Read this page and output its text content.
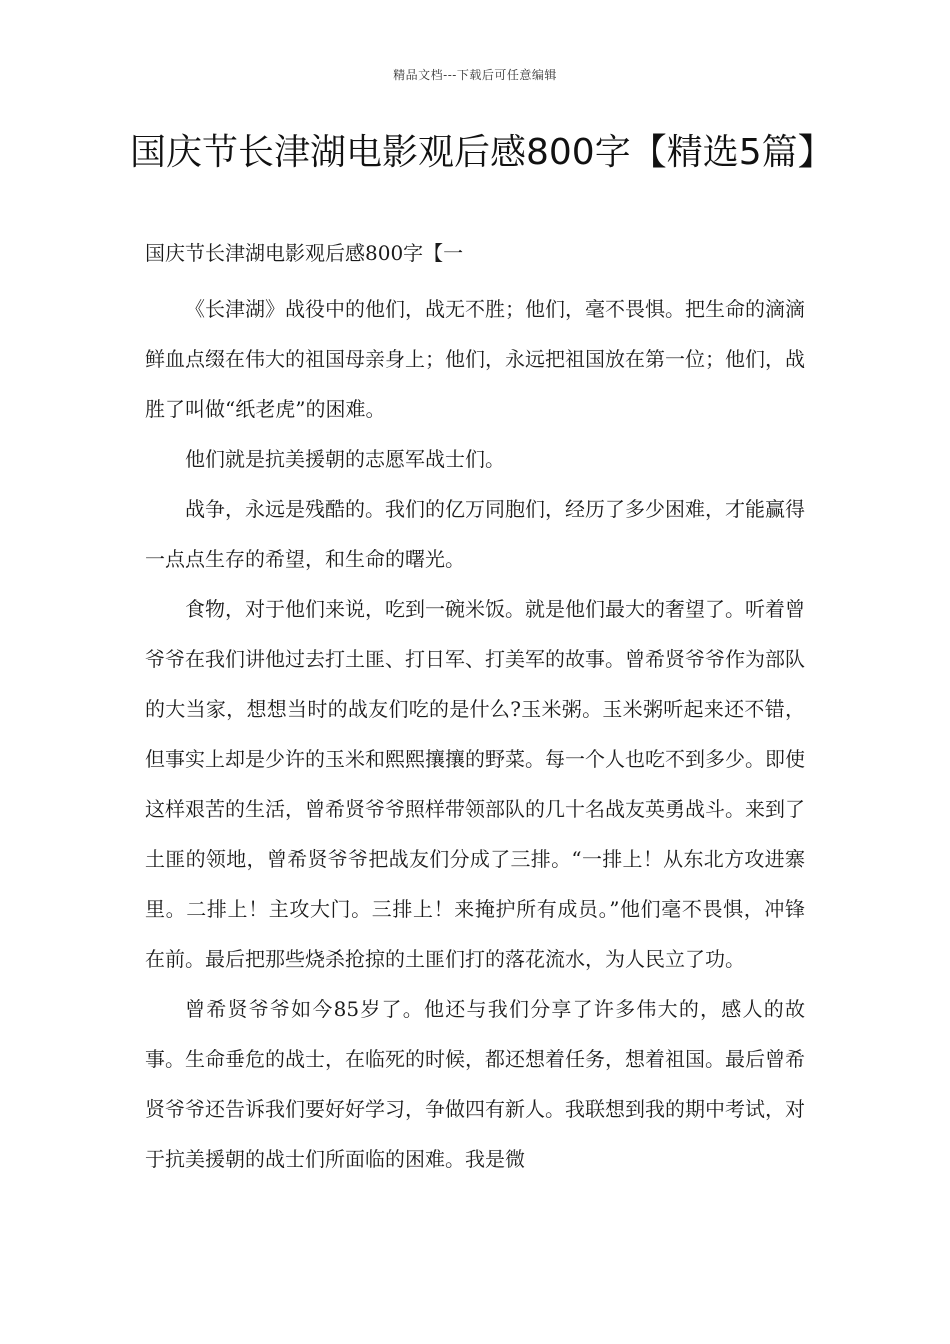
精品文档---下载后可任意编辑
国庆节长津湖电影观后感800字【精选5篇】
国庆节长津湖电影观后感800字【一

《长津湖》战役中的他们，战无不胜；他们，毫不畏惧。把生命的滴滴鲜血点缀在伟大的祖国母亲身上；他们，永远把祖国放在第一位；他们，战胜了叫做“纸老虎”的困难。

他们就是抗美援朝的志愿军战士们。

战争，永远是残酷的。我们的亿万同胞们，经历了多少困难，才能赢得一点点生存的希望，和生命的曙光。

食物，对于他们来说，吃到一碗米饭。就是他们最大的奢望了。听着曾爷爷在我们讲他过去打土匪、打日军、打美军的故事。曾希贤爷爷作为部队的大当家，想想当时的战友们吃的是什么?玉米粥。玉米粥听起来还不错，但事实上却是少许的玉米和熙熙攘攘的野菜。每一个人也吃不到多少。即使这样艰苦的生活，曾希贤爷爷照样带领部队的几十名战友英勇战斗。来到了土匪的领地，曾希贤爷爷把战友们分成了三排。“一排上！从东北方攻进寨里。二排上！主攻大门。三排上！来掩护所有成员。”他们毫不畏惧，冲锋在前。最后把那些烧杀抢掠的土匪们打的落花流水，为人民立了功。

曾希贤爷爷如今85岁了。他还与我们分享了许多伟大的，感人的故事。生命垂危的战士，在临死的时候，都还想着任务，想着祖国。最后曾希贤爷爷还告诉我们要好好学习，争做四有新人。我联想到我的期中考试，对于抗美援朝的战士们所面临的困难。我是微
